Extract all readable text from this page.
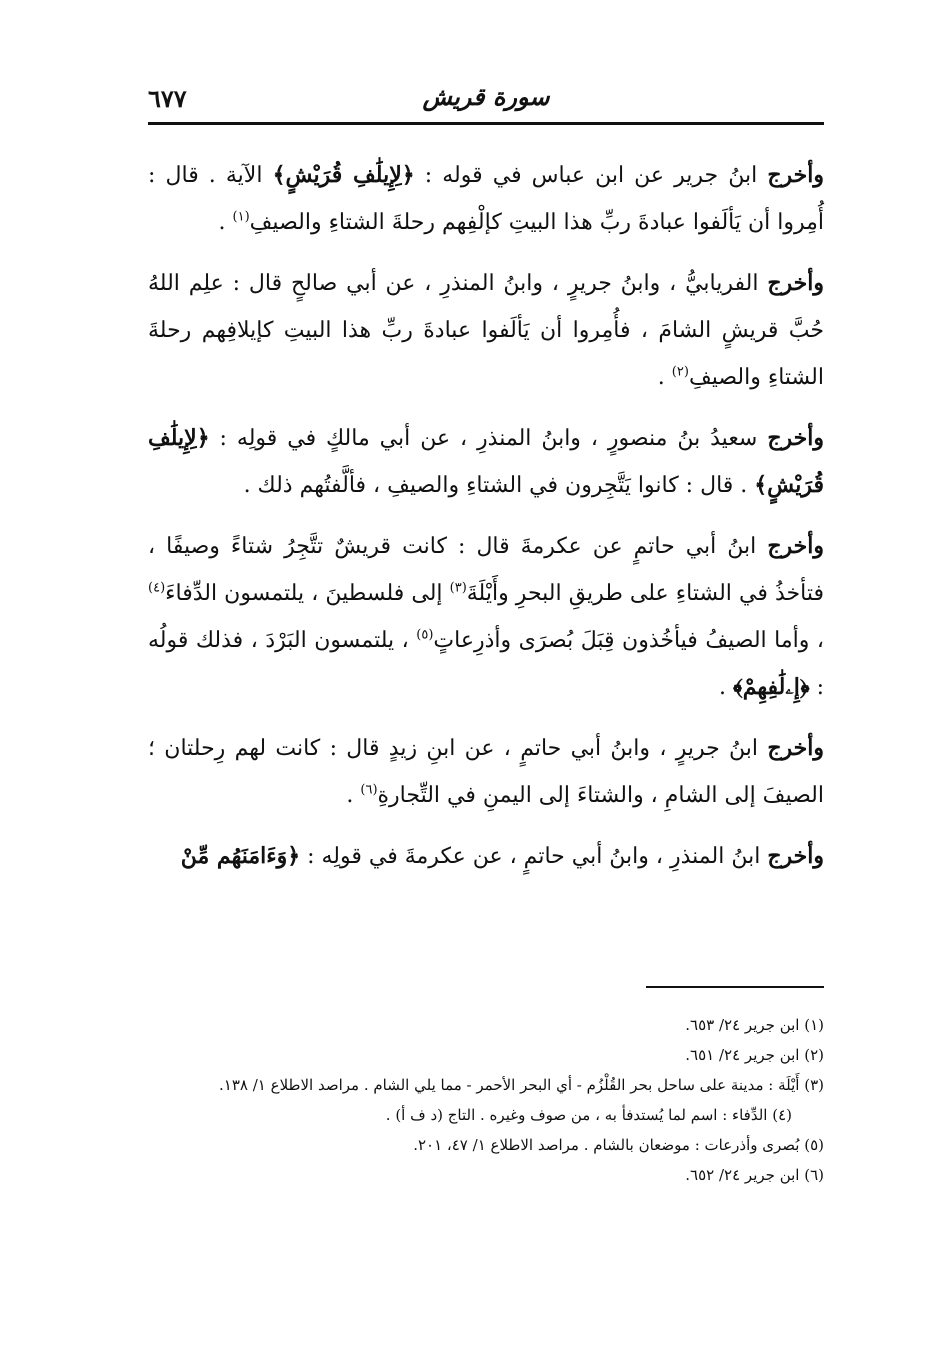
٦٧٧	سورة قريش

وأخرج ابنُ جرير عن ابن عباس في قوله : ﴿لِإِيلَٰفِ قُرَيْشٍ﴾ الآية . قال : أُمِروا أن يَألَفوا عبادةَ ربِّ هذا البيتِ كإلْفِهم رحلةَ الشتاءِ والصيفِ$^{(١)}$ .

وأخرج الفريابيُّ ، وابنُ جريرٍ ، وابنُ المنذرِ ، عن أبي صالحٍ قال : علِم اللهُ حُبَّ قريشٍ الشامَ ، فأُمِروا أن يَألَفوا عبادةَ ربِّ هذا البيتِ كإيلافِهم رحلةَ الشتاءِ والصيفِ$^{(٢)}$ .

وأخرج سعيدُ بنُ منصورٍ ، وابنُ المنذرِ ، عن أبي مالكٍ في قولِه : ﴿لِإِيلَٰفِ قُرَيْشٍ﴾ . قال : كانوا يَتَّجِرون في الشتاءِ والصيفِ ، فألَّفتُهم ذلك .

وأخرج ابنُ أبي حاتمٍ عن عكرمةَ قال : كانت قريشٌ تتَّجِرُ شتاءً وصيفًا ، فتأخذُ في الشتاءِ على طريقِ البحرِ وأَيْلَةَ$^{(٣)}$ إلى فلسطينَ ، يلتمسون الدِّفاءَ$^{(٤)}$ ، وأما الصيفُ فيأخُذون قِبَلَ بُصرَى وأذرِعاتٍ$^{(٥)}$ ، يلتمسون البَرْدَ ، فذلك قولُه : ﴿إِۦلَٰفِهِمْ﴾ .

وأخرج ابنُ جريرٍ ، وابنُ أبي حاتمٍ ، عن ابنِ زيدٍ قال : كانت لهم رِحلتان ؛ الصيفَ إلى الشامِ ، والشتاءَ إلى اليمنِ في التِّجارةِ$^{(٦)}$ .

وأخرج ابنُ المنذرِ ، وابنُ أبي حاتمٍ ، عن عكرمةَ في قولِه : ﴿وَءَامَنَهُم مِّنْ

(١) ابن جرير ٢٤/ ٦٥٣.

(٢) ابن جرير ٢٤/ ٦٥١.

(٣) أَيْلَة : مدينة على ساحل بحر القُلْزُم - أي البحر الأحمر - مما يلي الشام . مراصد الاطلاع ١/ ١٣٨.

(٤) الدِّفاء : اسم لما يُستدفأ به ، من صوف وغيره . التاج (د ف أ) .

(٥) بُصرى وأذرعات : موضعان بالشام . مراصد الاطلاع ١/ ٤٧، ٢٠١.

(٦) ابن جرير ٢٤/ ٦٥٢.
